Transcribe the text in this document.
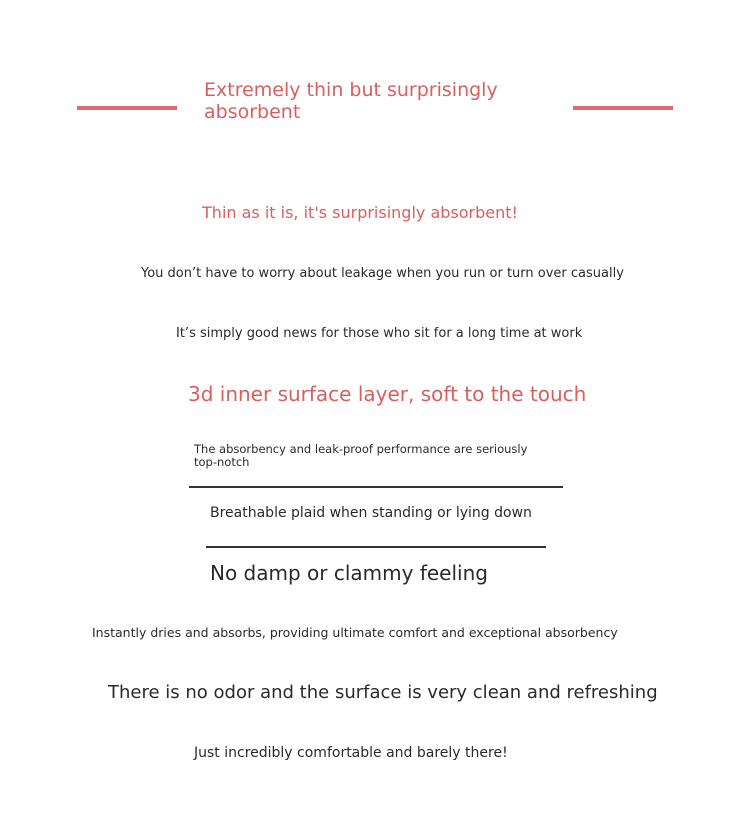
Extremely thin but surprisingly absorbent
Thin as it is, it's surprisingly absorbent!
You don’t have to worry about leakage when you run or turn over casually
It’s simply good news for those who sit for a long time at work
3d inner surface layer, soft to the touch
The absorbency and leak-proof performance are seriously top-notch
Breathable plaid when standing or lying down
No damp or clammy feeling
Instantly dries and absorbs, providing ultimate comfort and exceptional absorbency
There is no odor and the surface is very clean and refreshing
Just incredibly comfortable and barely there!
